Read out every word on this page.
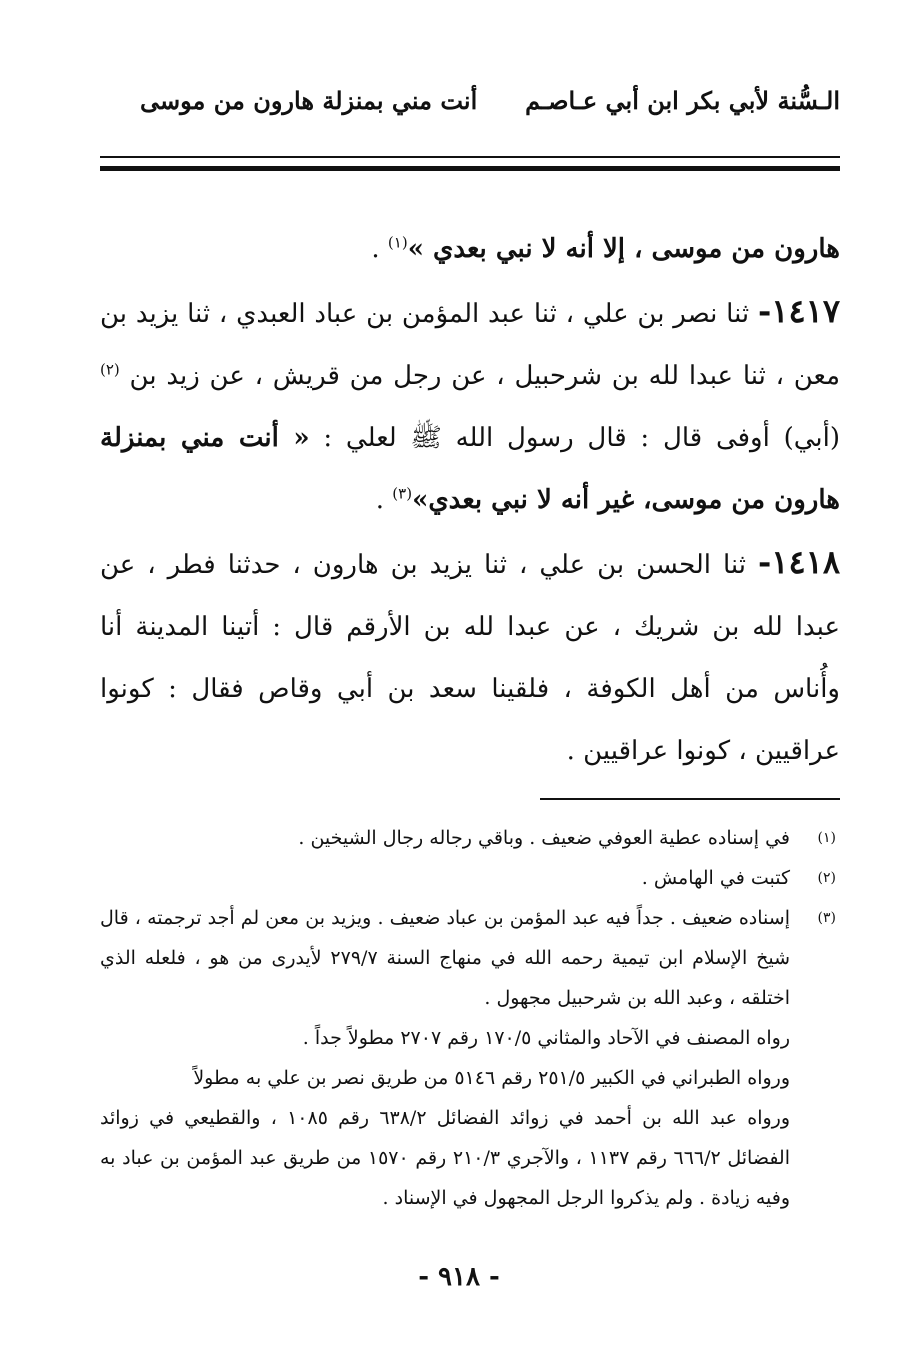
الـسُّنة لأبي بكر ابن أبي عـاصـم
أنت مني بمنزلة هارون من موسى

هارون من موسى ، إلا أنه لا نبي بعدي »$^{(١)}$ .

١٤١٧- ثنا نصر بن علي ، ثنا عبد المؤمن بن عباد العبدي ، ثنا يزيد بن معن ، ثنا عبدا لله بن شرحبيل ، عن رجل من قريش ، عن زيد بن $^{(٢)}$(أبي) أوفى قال : قال رسول الله ﷺ لعلي : « أنت مني بمنزلة هارون من موسى، غير أنه لا نبي بعدي»$^{(٣)}$ .

١٤١٨- ثنا الحسن بن علي ، ثنا يزيد بن هارون ، حدثنا فطر ، عن عبدا لله بن شريك ، عن عبدا لله بن الأرقم قال : أتينا المدينة أنا وأُناس من أهل الكوفة ، فلقينا سعد بن أبي وقاص فقال : كونوا عراقيين ، كونوا عراقيين .

(١)

في إسناده عطية العوفي ضعيف . وباقي رجاله رجال الشيخين .

(٢)

كتبت في الهامش .

(٣)

إسناده ضعيف . جداً فيه عبد المؤمن بن عباد ضعيف . ويزيد بن معن لم أجد ترجمته ، قال شيخ الإسلام ابن تيمية رحمه الله في منهاج السنة ٢٧٩/٧ لأيدرى من هو ، فلعله الذي اختلقه ، وعبد الله بن شرحبيل مجهول .

رواه المصنف في الآحاد والمثاني ١٧٠/٥ رقم ٢٧٠٧ مطولاً جداً .

ورواه الطبراني في الكبير ٢٥١/٥ رقم ٥١٤٦ من طريق نصر بن علي به مطولاً

ورواه عبد الله بن أحمد في زوائد الفضائل ٦٣٨/٢ رقم ١٠٨٥ ، والقطيعي في زوائد الفضائل ٦٦٦/٢ رقم ١١٣٧ ، والآجري ٢١٠/٣ رقم ١٥٧٠ من طريق عبد المؤمن بن عباد به وفيه زيادة . ولم يذكروا الرجل المجهول في الإسناد .

- ٩١٨ -
